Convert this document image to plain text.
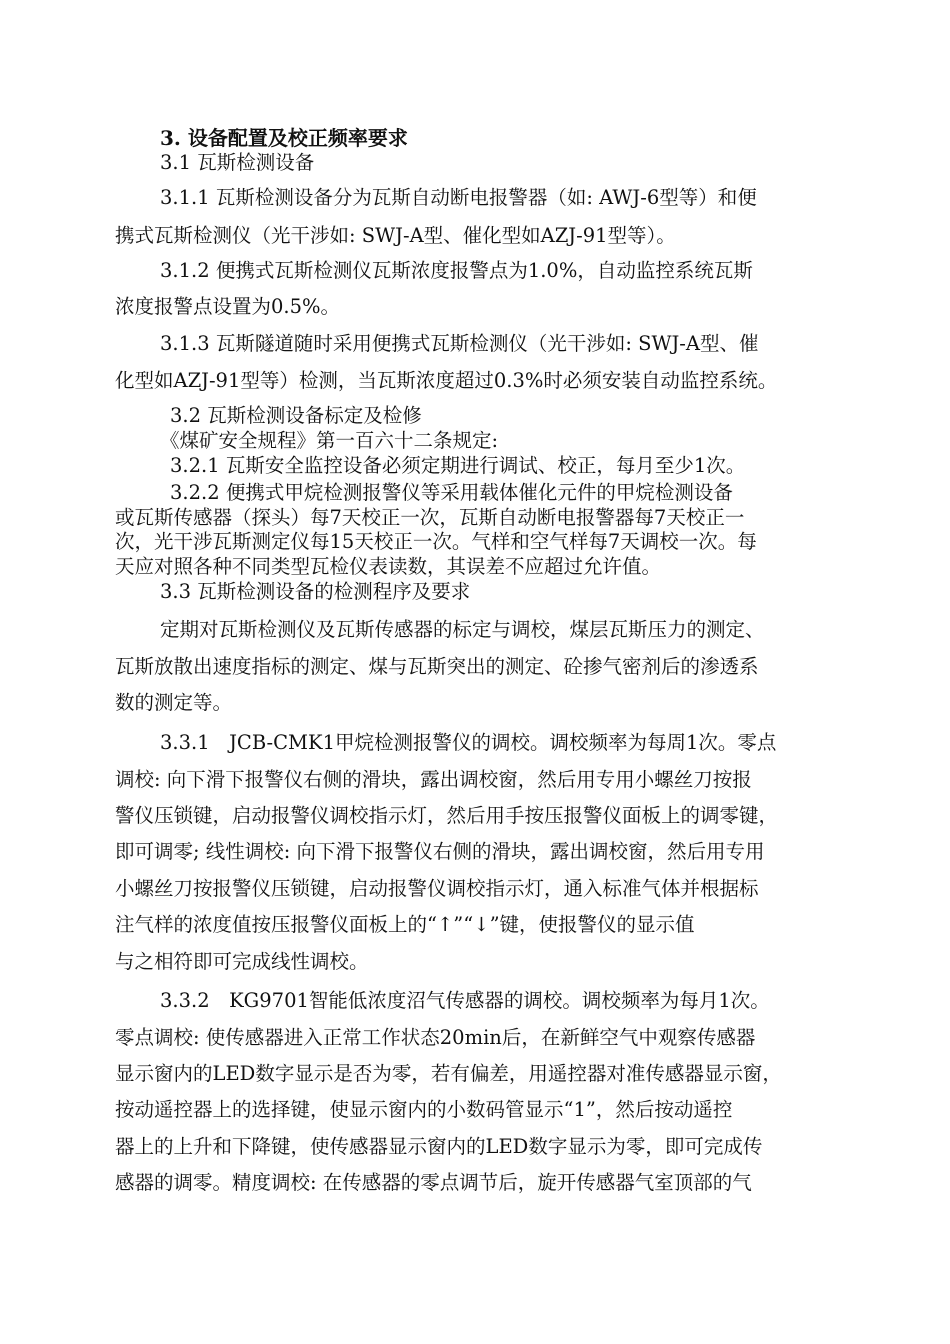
3. 设备配置及校正频率要求
3.1 瓦斯检测设备
3.1.1 瓦斯检测设备分为瓦斯自动断电报警器（如: AWJ-6型等）和便
携式瓦斯检测仪（光干涉如: SWJ-A型、催化型如AZJ-91型等）。
3.1.2 便携式瓦斯检测仪瓦斯浓度报警点为1.0%，自动监控系统瓦斯
浓度报警点设置为0.5%。
3.1.3 瓦斯隧道随时采用便携式瓦斯检测仪（光干涉如: SWJ-A型、催
化型如AZJ-91型等）检测，当瓦斯浓度超过0.3%时必须安装自动监控系统。
3.2 瓦斯检测设备标定及检修
《煤矿安全规程》第一百六十二条规定:
3.2.1 瓦斯安全监控设备必须定期进行调试、校正，每月至少1次。
3.2.2 便携式甲烷检测报警仪等采用载体催化元件的甲烷检测设备
或瓦斯传感器（探头）每7天校正一次，瓦斯自动断电报警器每7天校正一
次，光干涉瓦斯测定仪每15天校正一次。气样和空气样每7天调校一次。每
天应对照各种不同类型瓦检仪表读数，其误差不应超过允许值。
3.3 瓦斯检测设备的检测程序及要求
定期对瓦斯检测仪及瓦斯传感器的标定与调校，煤层瓦斯压力的测定、
瓦斯放散出速度指标的测定、煤与瓦斯突出的测定、砼掺气密剂后的渗透系
数的测定等。
3.3.1　JCB-CMK1甲烷检测报警仪的调校。调校频率为每周1次。零点
调校: 向下滑下报警仪右侧的滑块，露出调校窗，然后用专用小螺丝刀按报
警仪压锁键，启动报警仪调校指示灯，然后用手按压报警仪面板上的调零键，
即可调零; 线性调校: 向下滑下报警仪右侧的滑块，露出调校窗，然后用专用
小螺丝刀按报警仪压锁键，启动报警仪调校指示灯，通入标准气体并根据标
注气样的浓度值按压报警仪面板上的“↑”“↓”键，使报警仪的显示值
与之相符即可完成线性调校。
3.3.2　KG9701智能低浓度沼气传感器的调校。调校频率为每月1次。
零点调校: 使传感器进入正常工作状态20min后，在新鲜空气中观察传感器
显示窗内的LED数字显示是否为零，若有偏差，用遥控器对准传感器显示窗，
按动遥控器上的选择键，使显示窗内的小数码管显示“1”，然后按动遥控
器上的上升和下降键，使传感器显示窗内的LED数字显示为零，即可完成传
感器的调零。精度调校: 在传感器的零点调节后，旋开传感器气室顶部的气
